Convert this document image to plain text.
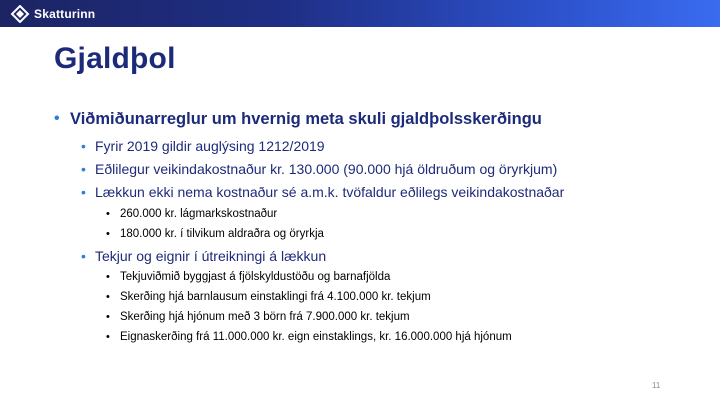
Skatturinn
Gjaldþol
• Viðmiðunarreglur um hvernig meta skuli gjaldþolsskerðingu
• Fyrir 2019 gildir auglýsing 1212/2019
• Eðlilegur veikindakostnaður kr. 130.000 (90.000 hjá öldruðum og öryrkjum)
• Lækkun ekki nema kostnaður sé a.m.k. tvöfaldur eðlilegs veikindakostnaðar
• 260.000 kr. lágmarkskostnaður
• 180.000 kr. í tilvikum aldraðra og öryrkja
• Tekjur og eignir í útreikningi á lækkun
• Tekjuviðmið byggjast á fjölskyldustöðu og barnafjölda
• Skerðing hjá barnlausum einstaklingi frá 4.100.000 kr. tekjum
• Skerðing hjá hjónum með 3 börn frá 7.900.000 kr. tekjum
• Eignaskerðing frá 11.000.000 kr. eign einstaklings, kr. 16.000.000 hjá hjónum
11
